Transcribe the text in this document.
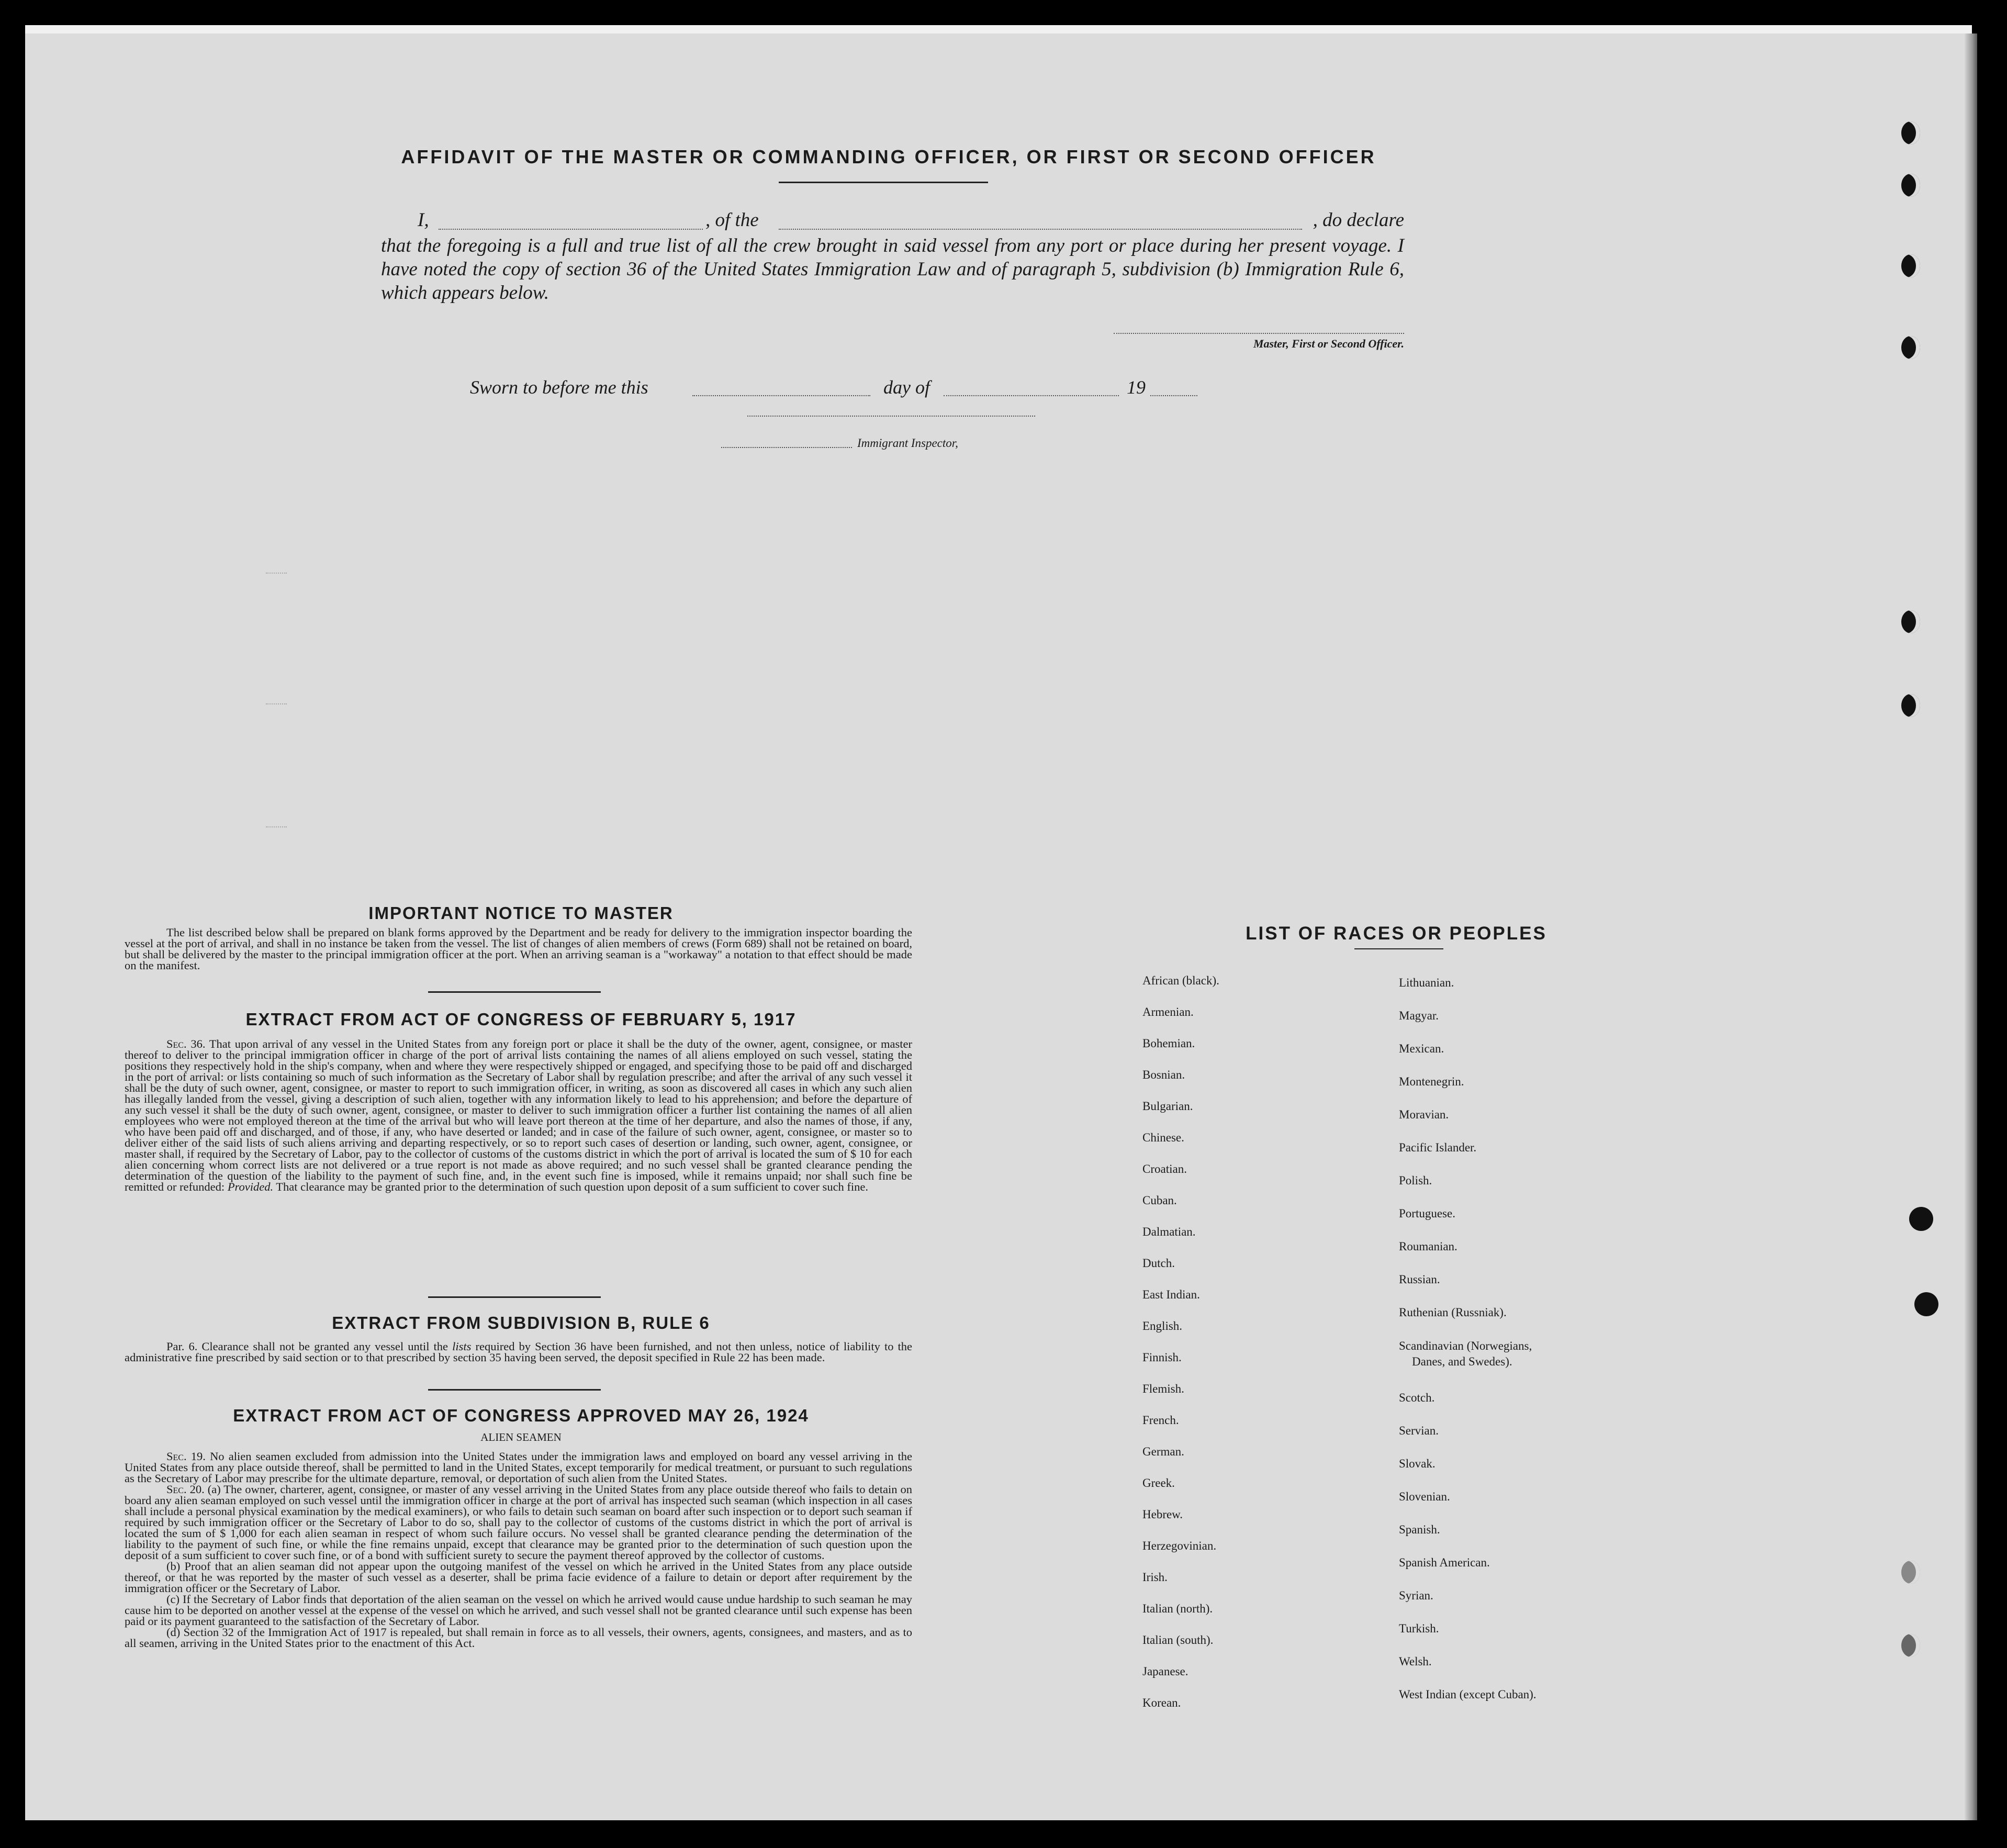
AFFIDAVIT OF THE MASTER OR COMMANDING OFFICER, OR FIRST OR SECOND OFFICER
I,	, of the	, do declare

that the foregoing is a full and true list of all the crew brought in said vessel from any port or place during her present voyage. I have noted the copy of section 36 of the United States Immigration Law and of paragraph 5, subdivision (b) Immigration Rule 6, which appears below.

Master, First or Second Officer.
Sworn to before me this	day of	19
Immigrant Inspector,
IMPORTANT NOTICE TO MASTER

The list described below shall be prepared on blank forms approved by the Department and be ready for delivery to the immigration inspector boarding the vessel at the port of arrival, and shall in no instance be taken from the vessel. The list of changes of alien members of crews (Form 689) shall not be retained on board, but shall be delivered by the master to the principal immigration officer at the port. When an arriving seaman is a "workaway" a notation to that effect should be made on the manifest.

EXTRACT FROM ACT OF CONGRESS OF FEBRUARY 5, 1917

Sec. 36. That upon arrival of any vessel in the United States from any foreign port or place it shall be the duty of the owner, agent, consignee, or master thereof to deliver to the principal immigration officer in charge of the port of arrival lists containing the names of all aliens employed on such vessel, stating the positions they respectively hold in the ship's company, when and where they were respectively shipped or engaged, and specifying those to be paid off and discharged in the port of arrival: or lists containing so much of such information as the Secretary of Labor shall by regulation prescribe; and after the arrival of any such vessel it shall be the duty of such owner, agent, consignee, or master to report to such immigration officer, in writing, as soon as discovered all cases in which any such alien has illegally landed from the vessel, giving a description of such alien, together with any information likely to lead to his apprehension; and before the departure of any such vessel it shall be the duty of such owner, agent, consignee, or master to deliver to such immigration officer a further list containing the names of all alien employees who were not employed thereon at the time of the arrival but who will leave port thereon at the time of her departure, and also the names of those, if any, who have been paid off and discharged, and of those, if any, who have deserted or landed; and in case of the failure of such owner, agent, consignee, or master so to deliver either of the said lists of such aliens arriving and departing respectively, or so to report such cases of desertion or landing, such owner, agent, consignee, or master shall, if required by the Secretary of Labor, pay to the collector of customs of the customs district in which the port of arrival is located the sum of $ 10 for each alien concerning whom correct lists are not delivered or a true report is not made as above required; and no such vessel shall be granted clearance pending the determination of the question of the liability to the payment of such fine, and, in the event such fine is imposed, while it remains unpaid; nor shall such fine be remitted or refunded: Provided. That clearance may be granted prior to the determination of such question upon deposit of a sum sufficient to cover such fine.

EXTRACT FROM SUBDIVISION B, RULE 6

Par. 6. Clearance shall not be granted any vessel until the lists required by Section 36 have been furnished, and not then unless, notice of liability to the administrative fine prescribed by said section or to that prescribed by section 35 having been served, the deposit specified in Rule 22 has been made.

EXTRACT FROM ACT OF CONGRESS APPROVED MAY 26, 1924
ALIEN SEAMEN

Sec. 19. No alien seamen excluded from admission into the United States under the immigration laws and employed on board any vessel arriving in the United States from any place outside thereof, shall be permitted to land in the United States, except temporarily for medical treatment, or pursuant to such regulations as the Secretary of Labor may prescribe for the ultimate departure, removal, or deportation of such alien from the United States.

Sec. 20. (a) The owner, charterer, agent, consignee, or master of any vessel arriving in the United States from any place outside thereof who fails to detain on board any alien seaman employed on such vessel until the immigration officer in charge at the port of arrival has inspected such seaman (which inspection in all cases shall include a personal physical examination by the medical examiners), or who fails to detain such seaman on board after such inspection or to deport such seaman if required by such immigration officer or the Secretary of Labor to do so, shall pay to the collector of customs of the customs district in which the port of arrival is located the sum of $ 1,000 for each alien seaman in respect of whom such failure occurs. No vessel shall be granted clearance pending the determination of the liability to the payment of such fine, or while the fine remains unpaid, except that clearance may be granted prior to the determination of such question upon the deposit of a sum sufficient to cover such fine, or of a bond with sufficient surety to secure the payment thereof approved by the collector of customs.

(b) Proof that an alien seaman did not appear upon the outgoing manifest of the vessel on which he arrived in the United States from any place outside thereof, or that he was reported by the master of such vessel as a deserter, shall be prima facie evidence of a failure to detain or deport after requirement by the immigration officer or the Secretary of Labor.

(c) If the Secretary of Labor finds that deportation of the alien seaman on the vessel on which he arrived would cause undue hardship to such seaman he may cause him to be deported on another vessel at the expense of the vessel on which he arrived, and such vessel shall not be granted clearance until such expense has been paid or its payment guaranteed to the satisfaction of the Secretary of Labor.

(d) Section 32 of the Immigration Act of 1917 is repealed, but shall remain in force as to all vessels, their owners, agents, consignees, and masters, and as to all seamen, arriving in the United States prior to the enactment of this Act.

LIST OF RACES OR PEOPLES
African (black).
Armenian.
Bohemian.
Bosnian.
Bulgarian.
Chinese.
Croatian.
Cuban.
Dalmatian.
Dutch.
East Indian.
English.
Finnish.
Flemish.
French.
German.
Greek.
Hebrew.
Herzegovinian.
Irish.
Italian (north).
Italian (south).
Japanese.
Korean.
Lithuanian.
Magyar.
Mexican.
Montenegrin.
Moravian.
Pacific Islander.
Polish.
Portuguese.
Roumanian.
Russian.
Ruthenian (Russniak).
Scandinavian (Norwegians,
Danes, and Swedes).
Scotch.
Servian.
Slovak.
Slovenian.
Spanish.
Spanish American.
Syrian.
Turkish.
Welsh.
West Indian (except Cuban).
